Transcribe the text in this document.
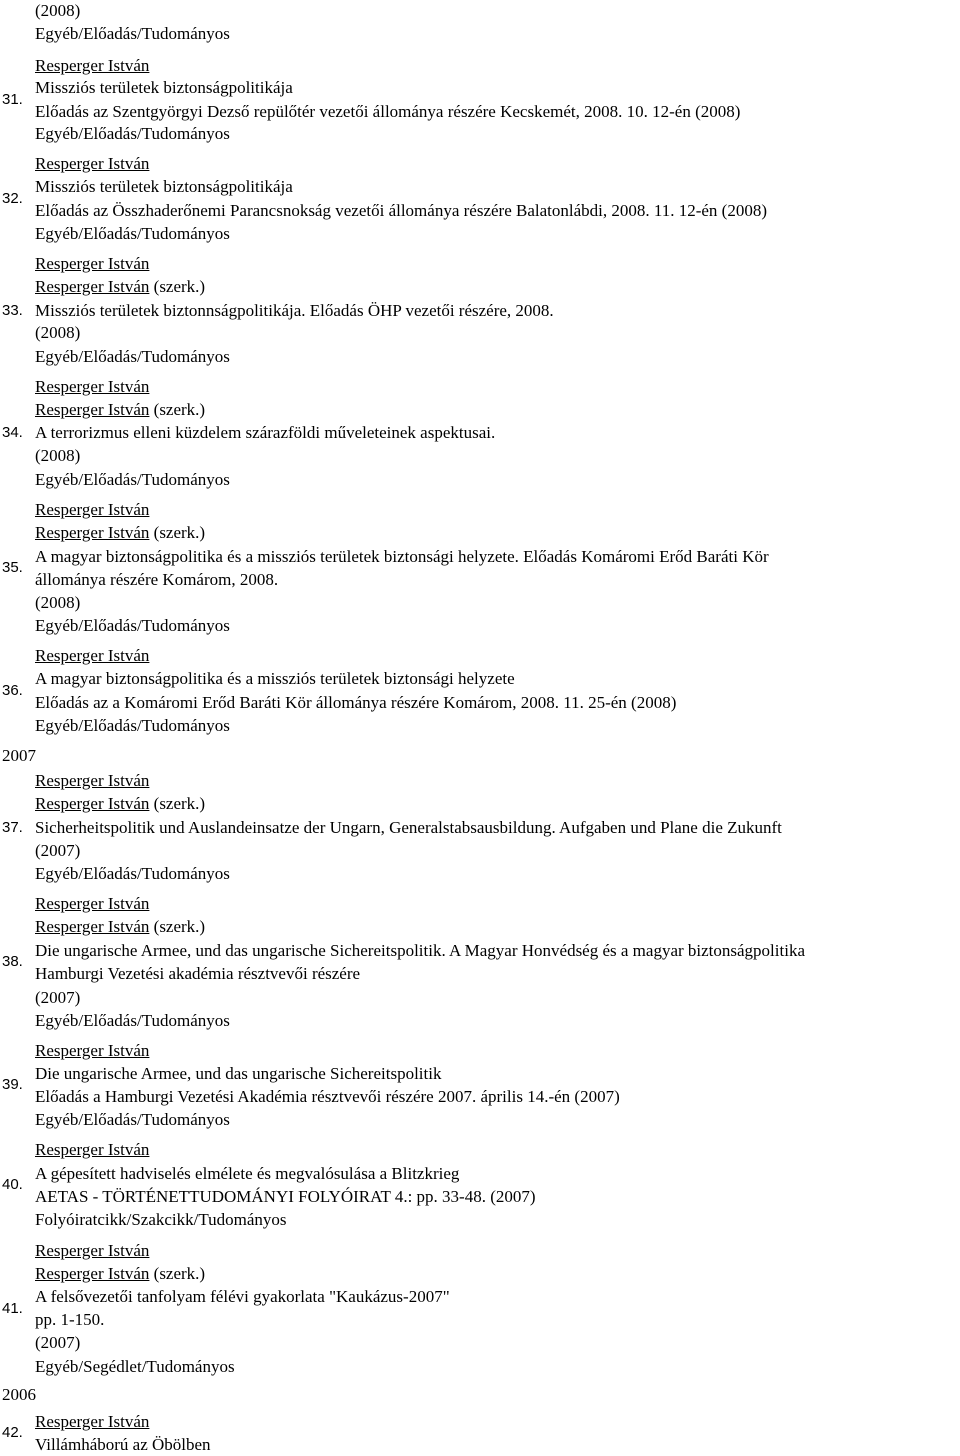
(2008)
Egyéb/Előadás/Tudományos
Resperger István
Missziós területek biztonságpolitikája
Előadás az Szentgyörgyi Dezső repülőtér vezetői állománya részére Kecskemét, 2008. 10. 12-én (2008)
Egyéb/Előadás/Tudományos
Resperger István
Missziós területek biztonságpolitikája
Előadás az Összhaderőnemi Parancsnokság vezetői állománya részére Balatonlábdi, 2008. 11. 12-én (2008)
Egyéb/Előadás/Tudományos
Resperger István
Resperger István (szerk.)
Missziós területek biztonnságpolitikája. Előadás ÖHP vezetői részére, 2008.
(2008)
Egyéb/Előadás/Tudományos
Resperger István
Resperger István (szerk.)
A terrorizmus elleni küzdelem szárazföldi műveleteinek aspektusai.
(2008)
Egyéb/Előadás/Tudományos
Resperger István
Resperger István (szerk.)
A magyar biztonságpolitika és a missziós területek biztonsági helyzete. Előadás Komáromi Erőd Baráti Kör
állománya részére Komárom, 2008.
(2008)
Egyéb/Előadás/Tudományos
Resperger István
A magyar biztonságpolitika és a missziós területek biztonsági helyzete
Előadás az a Komáromi Erőd Baráti Kör állománya részére Komárom, 2008. 11. 25-én (2008)
Egyéb/Előadás/Tudományos
Resperger István
Resperger István (szerk.)
Sicherheitspolitik und Auslandeinsatze der Ungarn, Generalstabsausbildung. Aufgaben und Plane die Zukunft
(2007)
Egyéb/Előadás/Tudományos
Resperger István
Resperger István (szerk.)
Die ungarische Armee, und das ungarische Sichereitspolitik. A Magyar Honvédség és a magyar biztonságpolitika
Hamburgi Vezetési akadémia résztvevői részére
(2007)
Egyéb/Előadás/Tudományos
Resperger István
Die ungarische Armee, und das ungarische Sichereitspolitik
Előadás a Hamburgi Vezetési Akadémia résztvevői részére 2007. április 14.-én (2007)
Egyéb/Előadás/Tudományos
Resperger István
A gépesített hadviselés elmélete és megvalósulása a Blitzkrieg
AETAS - TÖRTÉNETTUDOMÁNYI FOLYÓIRAT 4.: pp. 33-48. (2007)
Folyóiratcikk/Szakcikk/Tudományos
Resperger István
Resperger István (szerk.)
A felsővezetői tanfolyam félévi gyakorlata "Kaukázus-2007"
pp. 1-150.
(2007)
Egyéb/Segédlet/Tudományos
Resperger István
Villámháború az Öbölben
31.
32.
33.
34.
35.
36.
37.
38.
39.
40.
41.
42.
2007
2006
